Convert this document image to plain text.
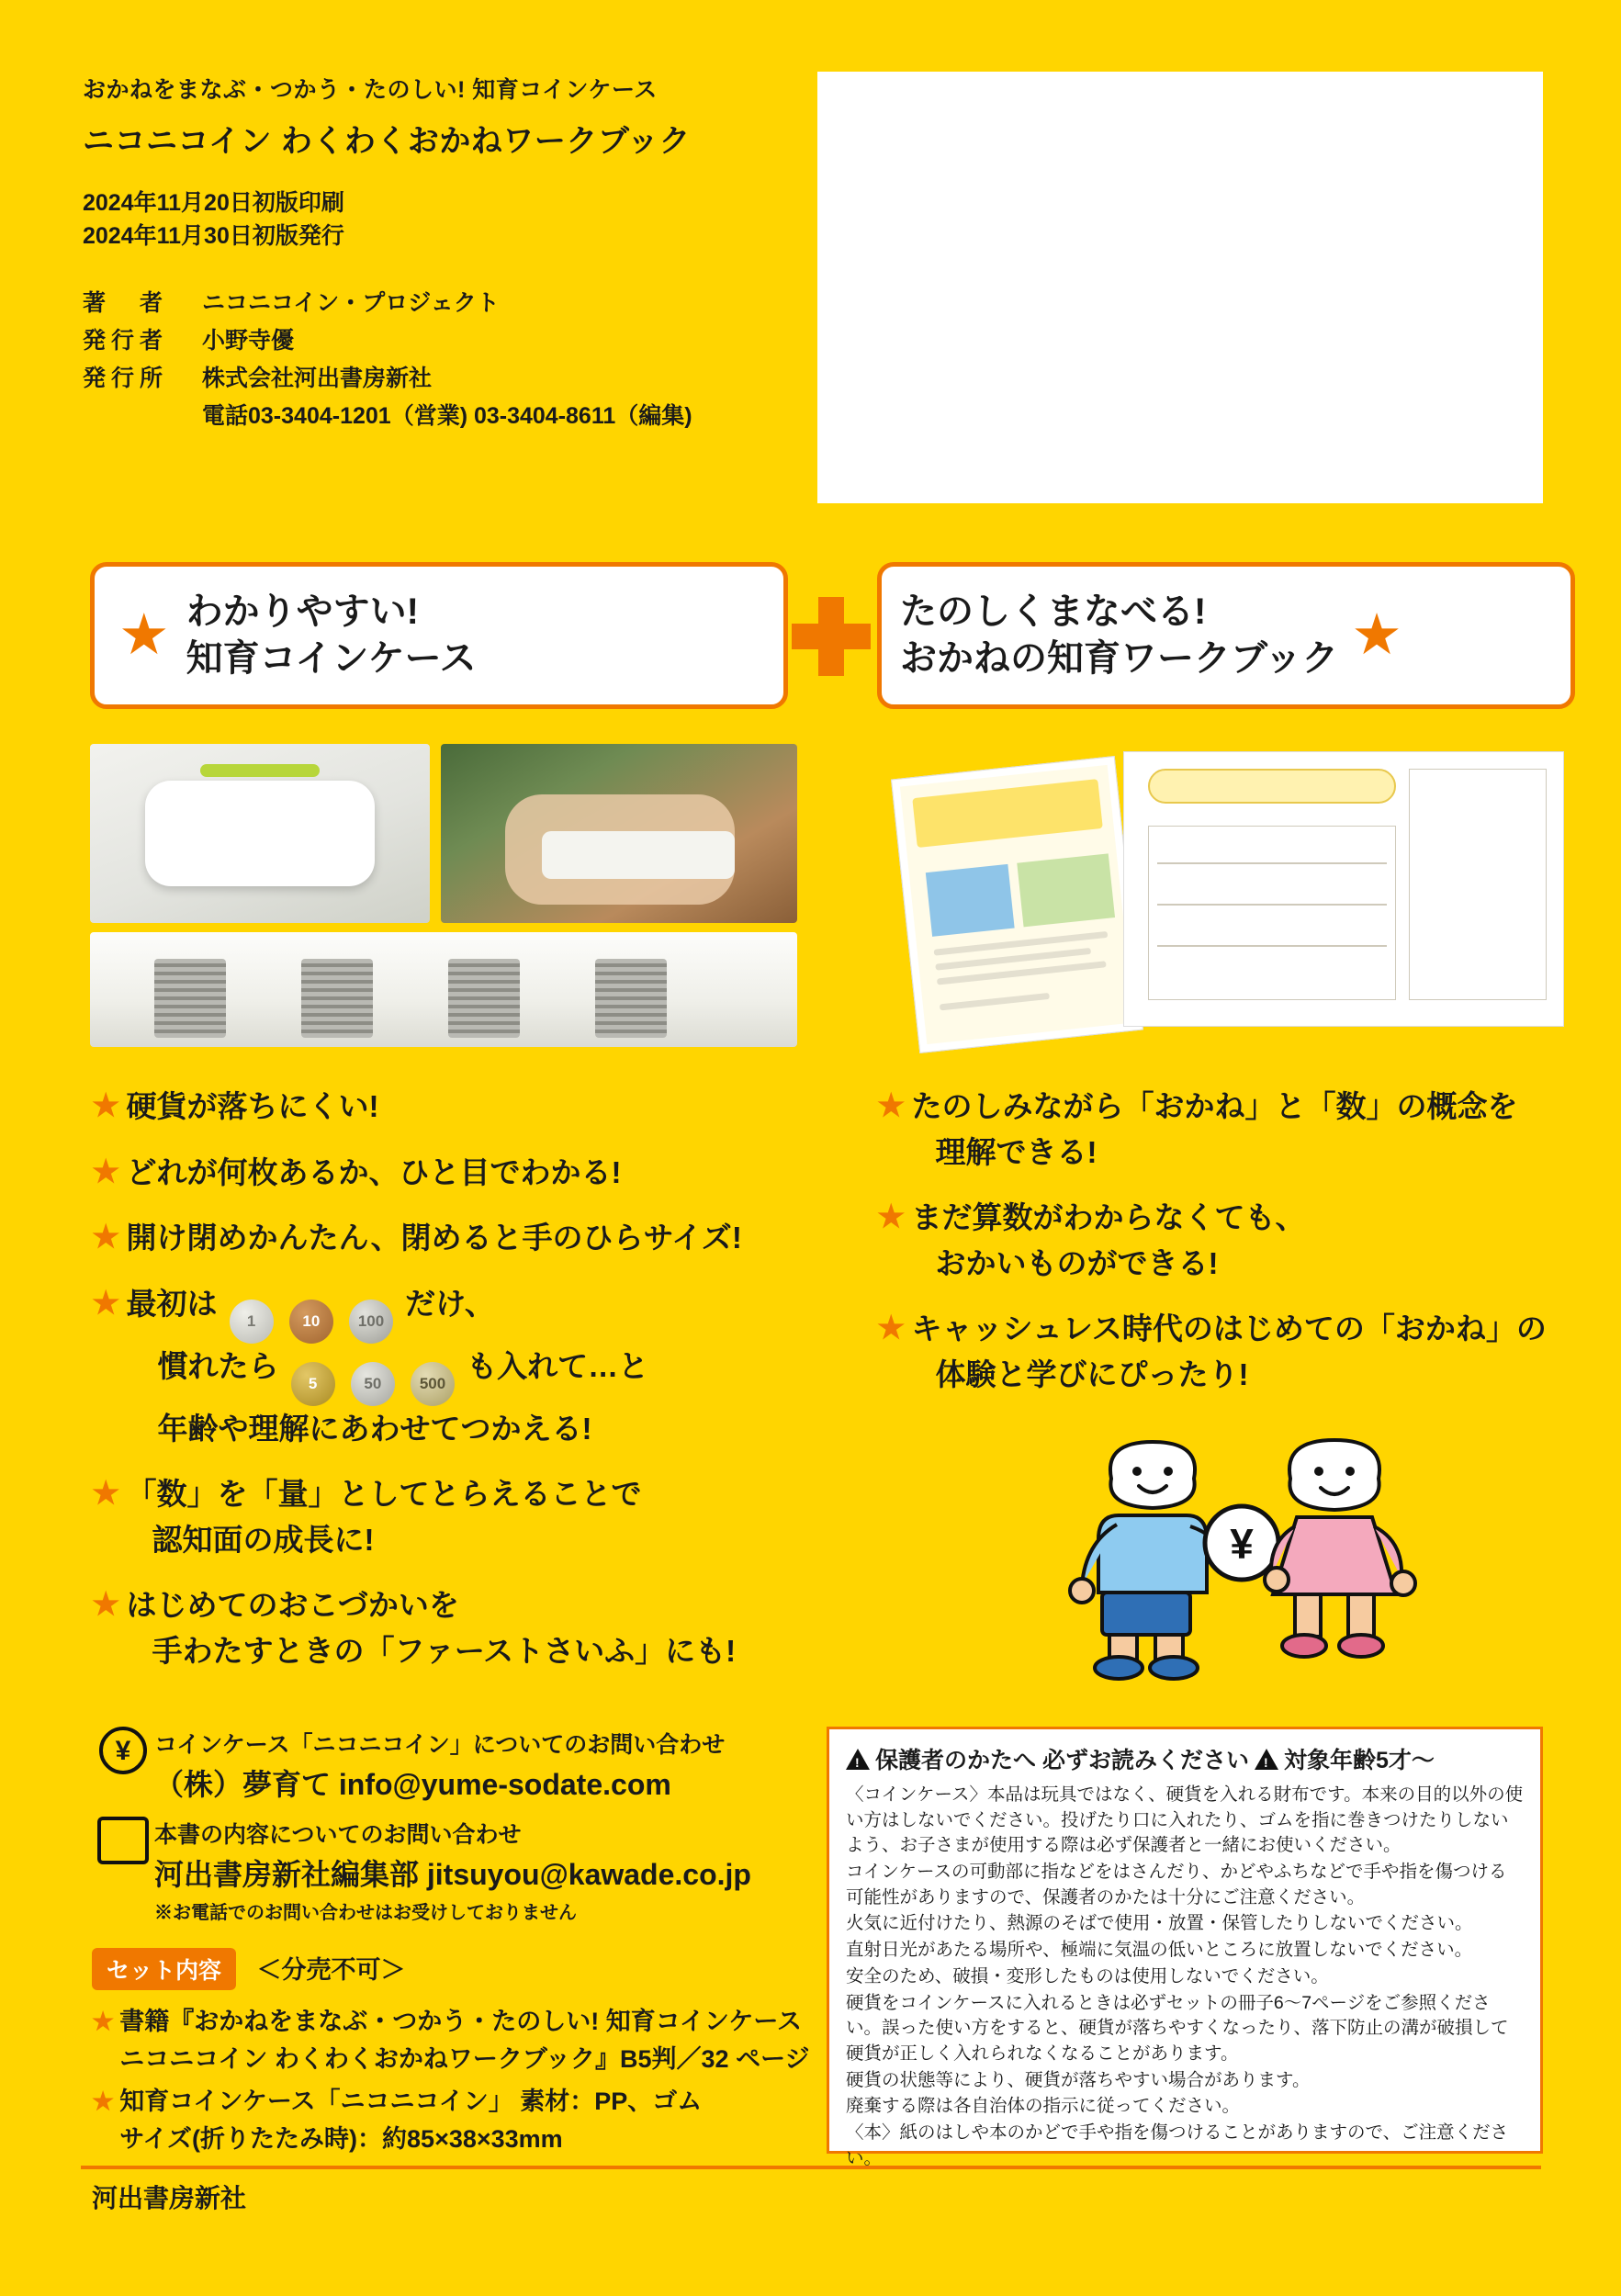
おかねをまなぶ・つかう・たのしい! 知育コインケース
ニコニコイン わくわくおかねワークブック
2024年11月20日初版印刷
2024年11月30日初版発行
著　者	ニコニコイン・プロジェクト
発行者	小野寺優
発行所	株式会社河出書房新社
電話03-3404-1201（営業) 03-3404-8611（編集)
★ わかりやすい!
知育コインケース	★
たのしくまなべる!
おかねの知育ワークブック
★ 硬貨が落ちにくい!
★ どれが何枚あるか、ひと目でわかる!
★ 開け閉めかんたん、閉めると手のひらサイズ!
★ 最初は 1	10 100 だけ、
慣れたら 5	50 500 も入れて…と
年齢や理解にあわせてつかえる!
★ 「数」を「量」としてとらえることで
認知面の成長に!
★ はじめてのおこづかいを
手わたすときの「ファーストさいふ」にも!
★ たのしみながら「おかね」と「数」の概念を
理解できる!
★ まだ算数がわからなくても、
おかいものができる!
★ キャッシュレス時代のはじめての「おかね」の
体験と学びにぴったり!
¥
¥	コインケース「ニコニコイン」についてのお問い合わせ
（株）夢育て info@yume-sodate.com
本書の内容についてのお問い合わせ
河出書房新社編集部 jitsuyou@kawade.co.jp
※お電話でのお問い合わせはお受けしておりません
セット内容 ＜分売不可＞
★ 書籍『おかねをまなぶ・つかう・たのしい! 知育コインケース
ニコニコイン わくわくおかねワークブック』B5判／32 ページ
★ 知育コインケース「ニコニコイン」 素材：PP、ゴム
サイズ(折りたたみ時)：約85×38×33mm
河出書房新社
! 保護者のかたへ 必ずお読みください ! 対象年齢5才～

〈コインケース〉本品は玩具ではなく、硬貨を入れる財布です。本来の目的以外の使い方はしないでください。投げたり口に入れたり、ゴムを指に巻きつけたりしないよう、お子さまが使用する際は必ず保護者と一緒にお使いください。

コインケースの可動部に指などをはさんだり、かどやふちなどで手や指を傷つける可能性がありますので、保護者のかたは十分にご注意ください。

火気に近付けたり、熱源のそばで使用・放置・保管したりしないでください。

直射日光があたる場所や、極端に気温の低いところに放置しないでください。

安全のため、破損・変形したものは使用しないでください。

硬貨をコインケースに入れるときは必ずセットの冊子6～7ページをご参照ください。誤った使い方をすると、硬貨が落ちやすくなったり、落下防止の溝が破損して硬貨が正しく入れられなくなることがあります。

硬貨の状態等により、硬貨が落ちやすい場合があります。

廃棄する際は各自治体の指示に従ってください。

〈本〉紙のはしや本のかどで手や指を傷つけることがありますので、ご注意ください。
